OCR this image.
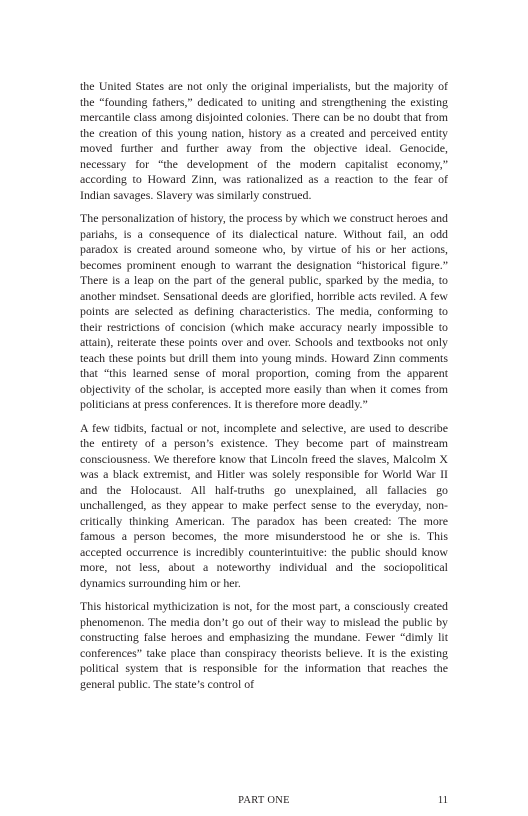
the United States are not only the original imperialists, but the majority of the “founding fathers,” dedicated to uniting and strengthening the existing mercantile class among disjointed colonies. There can be no doubt that from the creation of this young nation, history as a created and perceived entity moved further and further away from the objective ideal. Genocide, necessary for “the development of the modern capitalist economy,” according to Howard Zinn, was rationalized as a reaction to the fear of Indian savages. Slavery was similarly construed.

The personalization of history, the process by which we construct heroes and pariahs, is a consequence of its dialectical nature. Without fail, an odd paradox is created around someone who, by virtue of his or her actions, becomes prominent enough to warrant the designation “historical figure.” There is a leap on the part of the general public, sparked by the media, to another mindset. Sensational deeds are glorified, horrible acts reviled. A few points are selected as defining characteristics. The media, conforming to their restrictions of concision (which make accuracy nearly impossible to attain), reiterate these points over and over. Schools and textbooks not only teach these points but drill them into young minds. Howard Zinn comments that “this learned sense of moral proportion, coming from the apparent objectivity of the scholar, is accepted more easily than when it comes from politicians at press conferences. It is therefore more deadly.”

A few tidbits, factual or not, incomplete and selective, are used to describe the entirety of a person’s existence. They become part of mainstream consciousness. We therefore know that Lincoln freed the slaves, Malcolm X was a black extremist, and Hitler was solely responsible for World War II and the Holocaust. All half-truths go unexplained, all fallacies go unchallenged, as they appear to make perfect sense to the everyday, non-critically thinking American. The paradox has been created: The more famous a person becomes, the more misunderstood he or she is. This accepted occurrence is incredibly counterintuitive: the public should know more, not less, about a noteworthy individual and the sociopolitical dynamics surrounding him or her.

This historical mythicization is not, for the most part, a consciously created phenomenon. The media don’t go out of their way to mislead the public by constructing false heroes and emphasizing the mundane. Fewer “dimly lit conferences” take place than conspiracy theorists believe. It is the existing political system that is responsible for the information that reaches the general public. The state’s control of

PART ONE	11
